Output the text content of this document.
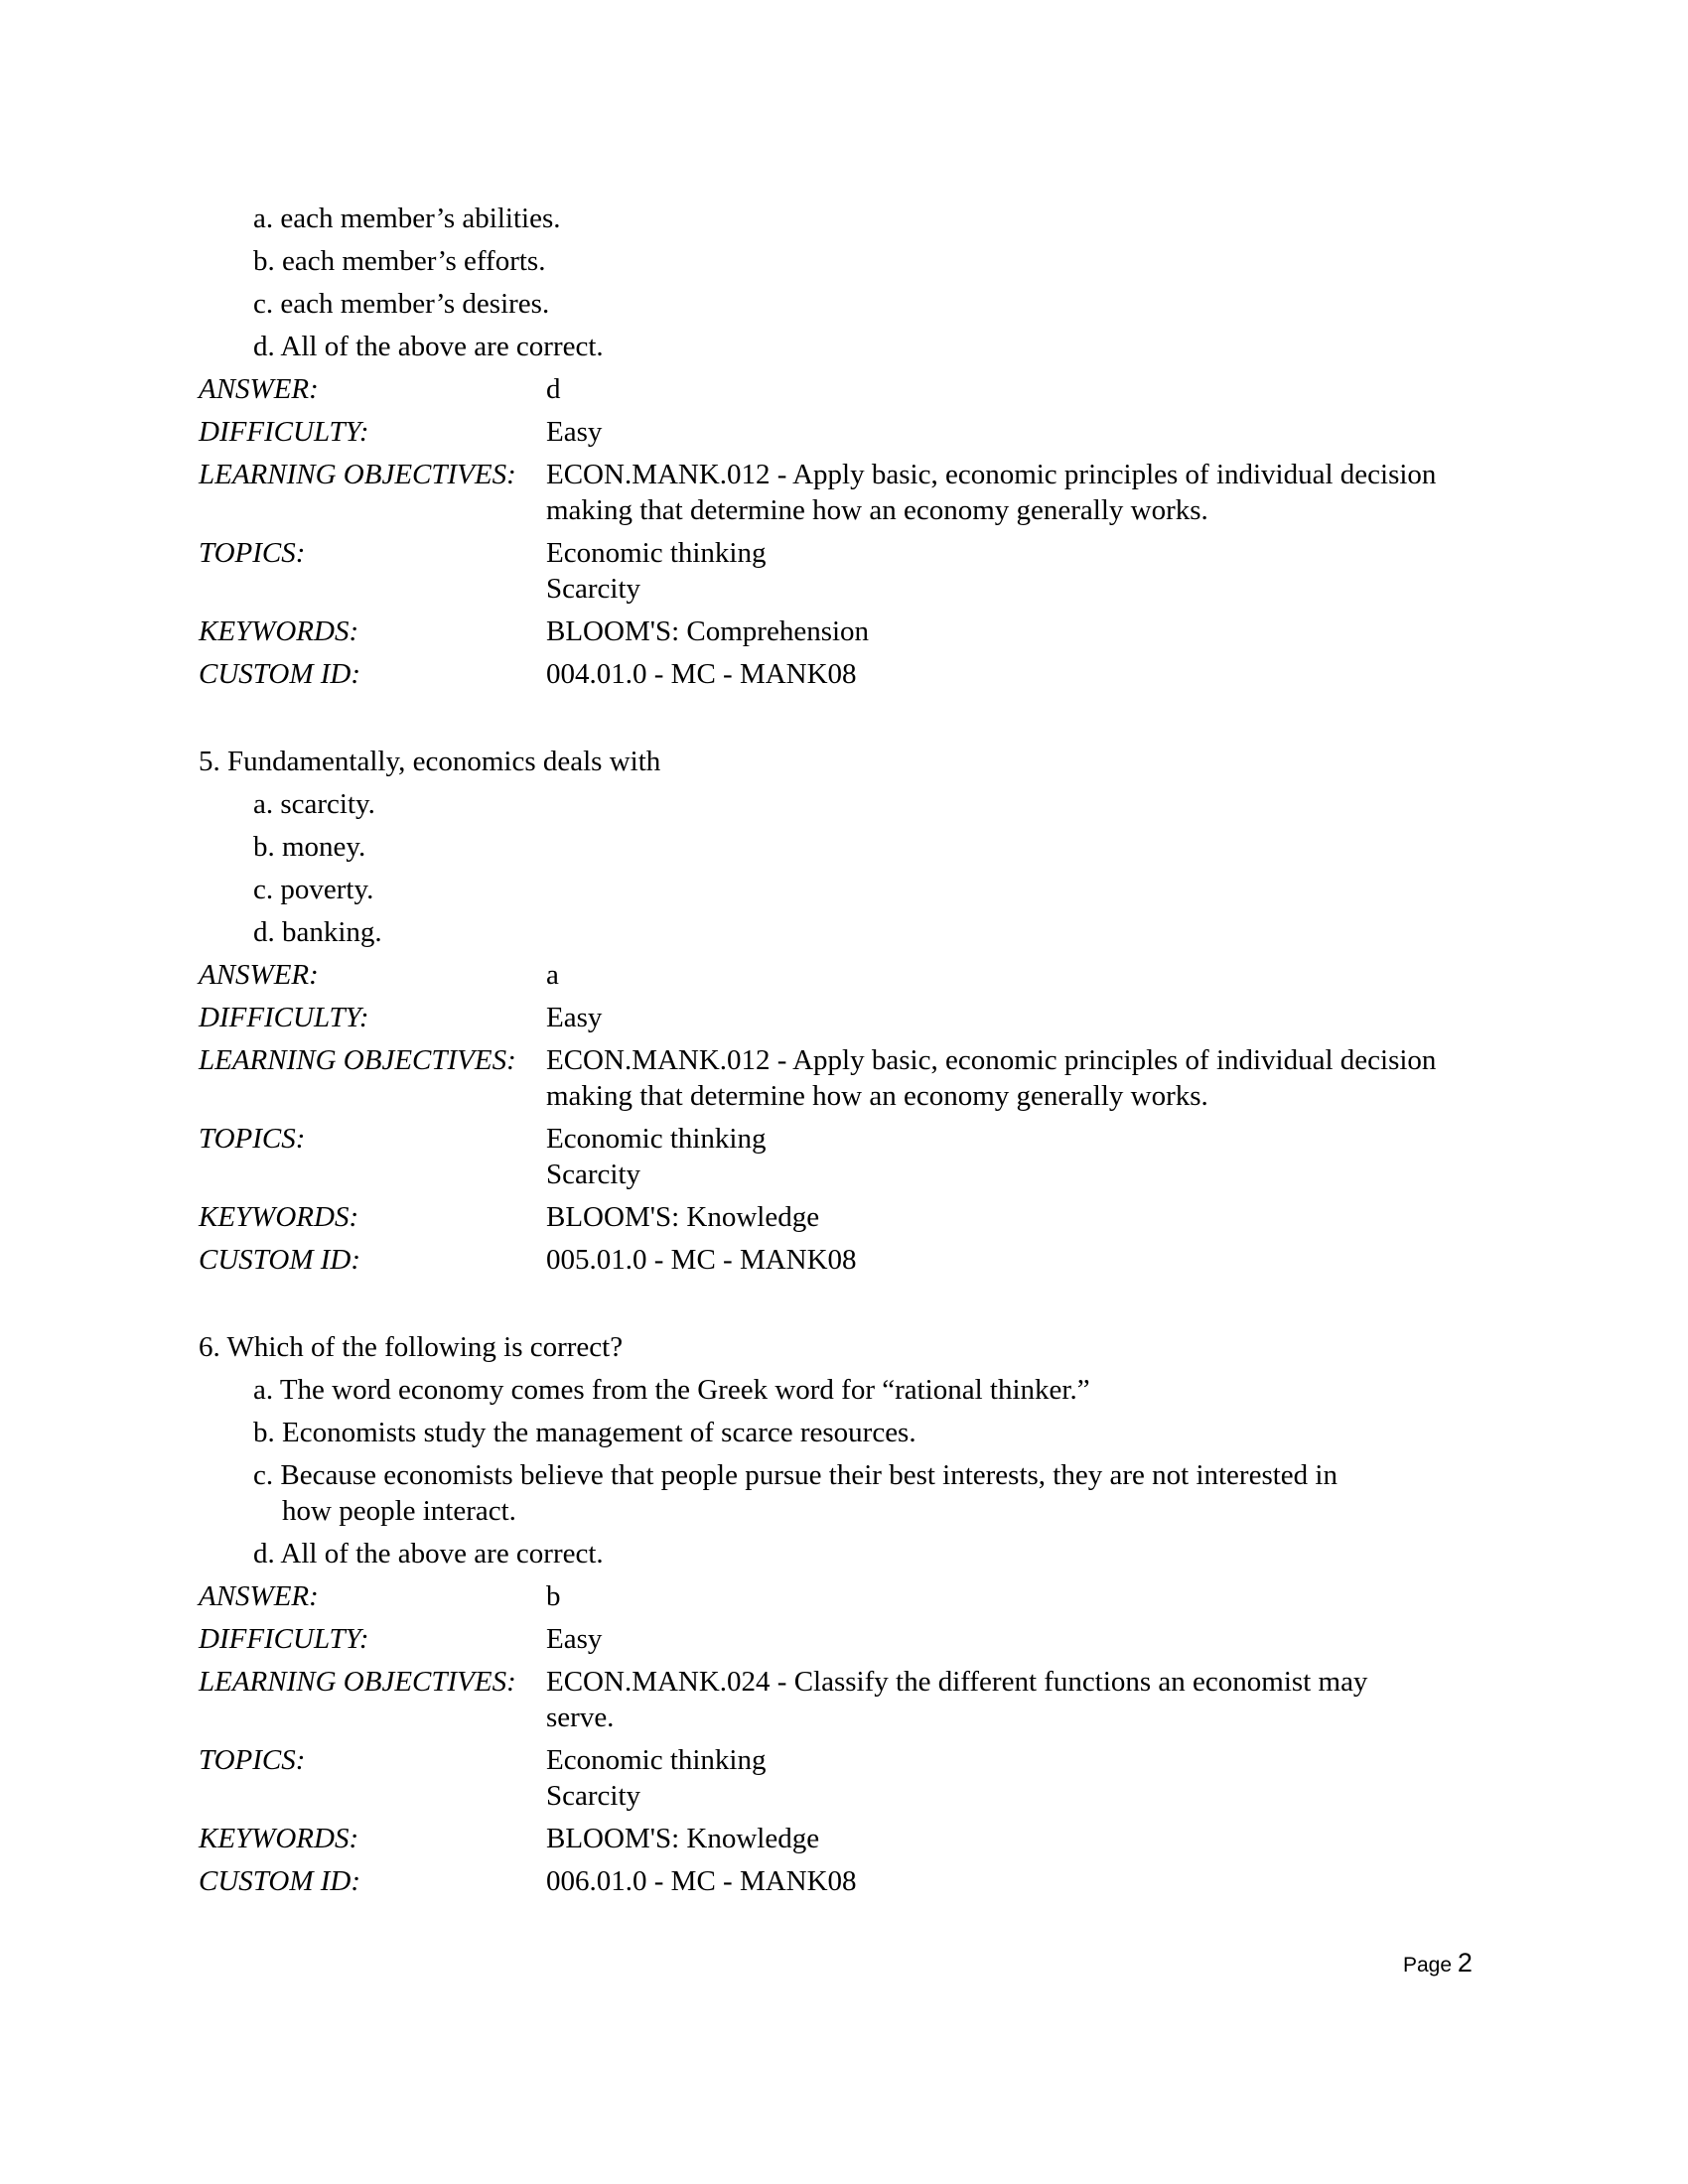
a. each member’s abilities.
b. each member’s efforts.
c. each member’s desires.
d. All of the above are correct.
ANSWER:	d
DIFFICULTY:	Easy
LEARNING OBJECTIVES:	ECON.MANK.012 - Apply basic, economic principles of individual decision
making that determine how an economy generally works.
TOPICS:	Economic thinking
Scarcity
KEYWORDS:	BLOOM'S: Comprehension
CUSTOM ID:	004.01.0 - MC - MANK08
5. Fundamentally, economics deals with
a. scarcity.
b. money.
c. poverty.
d. banking.
ANSWER:	a
DIFFICULTY:	Easy
LEARNING OBJECTIVES:	ECON.MANK.012 - Apply basic, economic principles of individual decision
making that determine how an economy generally works.
TOPICS:	Economic thinking
Scarcity
KEYWORDS:	BLOOM'S: Knowledge
CUSTOM ID:	005.01.0 - MC - MANK08
6. Which of the following is correct?
a. The word economy comes from the Greek word for “rational thinker.”
b. Economists study the management of scarce resources.
c. Because economists believe that people pursue their best interests, they are not interested in
how people interact.
d. All of the above are correct.
ANSWER:	b
DIFFICULTY:	Easy
LEARNING OBJECTIVES:	ECON.MANK.024 - Classify the different functions an economist may
serve.
TOPICS:	Economic thinking
Scarcity
KEYWORDS:	BLOOM'S: Knowledge
CUSTOM ID:	006.01.0 - MC - MANK08
Page 2
